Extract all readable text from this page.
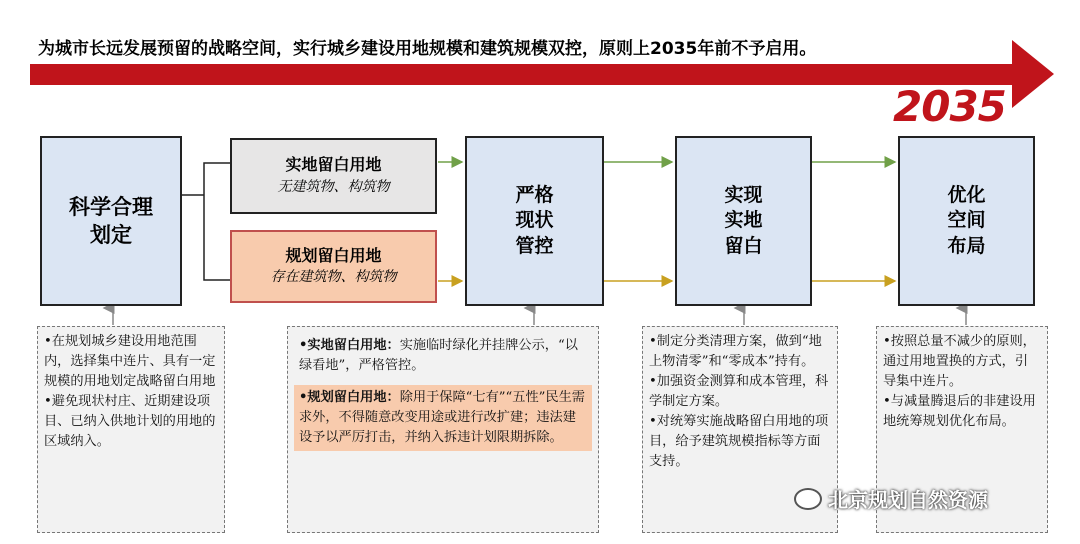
为城市长远发展预留的战略空间，实行城乡建设用地规模和建筑规模双控，原则上2035年前不予启用。
2035
科学合理
划定
实地留白用地
无建筑物、构筑物
规划留白用地
存在建筑物、构筑物
严格
现状
管控
实现
实地
留白
优化
空间
布局

•在规划城乡建设用地范围内，选择集中连片、具有一定规模的用地划定战略留白用地

•避免现状村庄、近期建设项目、已纳入供地计划的用地的区域纳入。

•实地留白用地：实施临时绿化并挂牌公示，“以绿看地”，严格管控。
•规划留白用地：除用于保障“七有”“五性”民生需求外，不得随意改变用途或进行改扩建；违法建设予以严厉打击，并纳入拆违计划限期拆除。

•制定分类清理方案，做到“地上物清零”和“零成本”持有。

•加强资金测算和成本管理，科学制定方案。

•对统筹实施战略留白用地的项目，给予建筑规模指标等方面支持。

•按照总量不减少的原则，通过用地置换的方式，引导集中连片。

•与减量腾退后的非建设用地统筹规划优化布局。

北京规划自然资源
